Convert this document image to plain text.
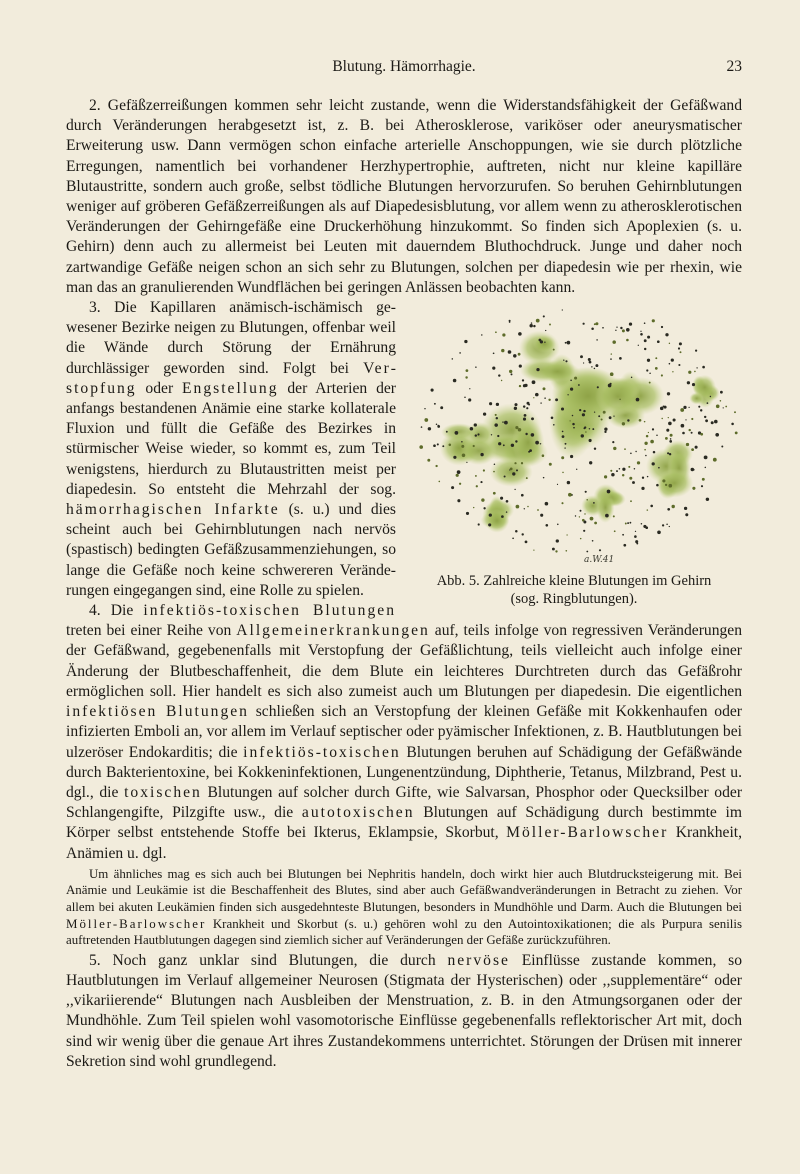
Blutung. Hämorrhagie.	23

2. Gefäßzerreißungen kommen sehr leicht zustande, wenn die Widerstandsfähigkeit der Gefäßwand durch Veränderungen herabgesetzt ist, z. B. bei Atherosklerose, variköser oder aneurysmatischer Erweiterung usw. Dann vermögen schon einfache arterielle Anschoppungen, wie sie durch plötzliche Erregungen, namentlich bei vorhandener Herzhypertrophie, auftreten, nicht nur kleine kapilläre Blutaustritte, sondern auch große, selbst tödliche Blutungen hervorzurufen. So beruhen Gehirnblutungen weniger auf gröberen Gefäßzerreißungen als auf Diapedesisblutung, vor allem wenn zu atherosklerotischen Veränderungen der Gehirngefäße eine Druckerhöhung hinzukommt. So finden sich Apoplexien (s. u. Gehirn) denn auch zu allermeist bei Leuten mit dauerndem Bluthochdruck. Junge und daher noch zartwandige Gefäße neigen schon an sich sehr zu Blutungen, solchen per diapedesin wie per rhexin, wie man das an granulierenden Wundflächen bei geringen Anlässen beobachten kann.

a.W.41
Abb. 5. Zahlreiche kleine Blutungen im Gehirn
(sog. Ringblutungen).

3. Die Kapillaren anämisch-ischämisch gewesener Bezirke neigen zu Blutungen, offenbar weil die Wände durch Störung der Ernährung durchlässiger geworden sind. Folgt bei Verstopfung oder Engstellung der Arterien der anfangs bestandenen Anämie eine starke kollaterale Fluxion und füllt die Gefäße des Bezirkes in stürmischer Weise wieder, so kommt es, zum Teil wenigstens, hierdurch zu Blutaustritten meist per diapedesin. So entsteht die Mehrzahl der sog. hämorrhagischen Infarkte (s. u.) und dies scheint auch bei Gehirnblutungen nach nervös (spastisch) bedingten Gefäßzusammenziehungen, so lange die Gefäße noch keine schwereren Veränderungen eingegangen sind, eine Rolle zu spielen.

4. Die infektiös-toxischen Blutungen treten bei einer Reihe von Allgemeinerkrankungen auf, teils infolge von regressiven Veränderungen der Gefäßwand, gegebenenfalls mit Verstopfung der Gefäßlichtung, teils vielleicht auch infolge einer Änderung der Blutbeschaffenheit, die dem Blute ein leichteres Durchtreten durch das Gefäßrohr ermöglichen soll. Hier handelt es sich also zumeist auch um Blutungen per diapedesin. Die eigentlichen infektiösen Blutungen schließen sich an Verstopfung der kleinen Gefäße mit Kokkenhaufen oder infizierten Emboli an, vor allem im Verlauf septischer oder pyämischer Infektionen, z. B. Hautblutungen bei ulzeröser Endokarditis; die infektiös-toxischen Blutungen beruhen auf Schädigung der Gefäßwände durch Bakterientoxine, bei Kokkeninfektionen, Lungenentzündung, Diphtherie, Tetanus, Milzbrand, Pest u. dgl., die toxischen Blutungen auf solcher durch Gifte, wie Salvarsan, Phosphor oder Quecksilber oder Schlangengifte, Pilzgifte usw., die autotoxischen Blutungen auf Schädigung durch bestimmte im Körper selbst entstehende Stoffe bei Ikterus, Eklampsie, Skorbut, Möller-Barlowscher Krankheit, Anämien u. dgl.

Um ähnliches mag es sich auch bei Blutungen bei Nephritis handeln, doch wirkt hier auch Blutdrucksteigerung mit. Bei Anämie und Leukämie ist die Beschaffenheit des Blutes, sind aber auch Gefäßwandveränderungen in Betracht zu ziehen. Vor allem bei akuten Leukämien finden sich ausgedehnteste Blutungen, besonders in Mundhöhle und Darm. Auch die Blutungen bei Möller-Barlowscher Krankheit und Skorbut (s. u.) gehören wohl zu den Autointoxikationen; die als Purpura senilis auftretenden Hautblutungen dagegen sind ziemlich sicher auf Veränderungen der Gefäße zurückzuführen.

5. Noch ganz unklar sind Blutungen, die durch nervöse Einflüsse zustande kommen, so Hautblutungen im Verlauf allgemeiner Neurosen (Stigmata der Hysterischen) oder ,,supplementäre“ oder ,,vikariierende“ Blutungen nach Ausbleiben der Menstruation, z. B. in den Atmungsorganen oder der Mundhöhle. Zum Teil spielen wohl vasomotorische Einflüsse gegebenenfalls reflektorischer Art mit, doch sind wir wenig über die genaue Art ihres Zustandekommens unterrichtet. Störungen der Drüsen mit innerer Sekretion sind wohl grundlegend.
